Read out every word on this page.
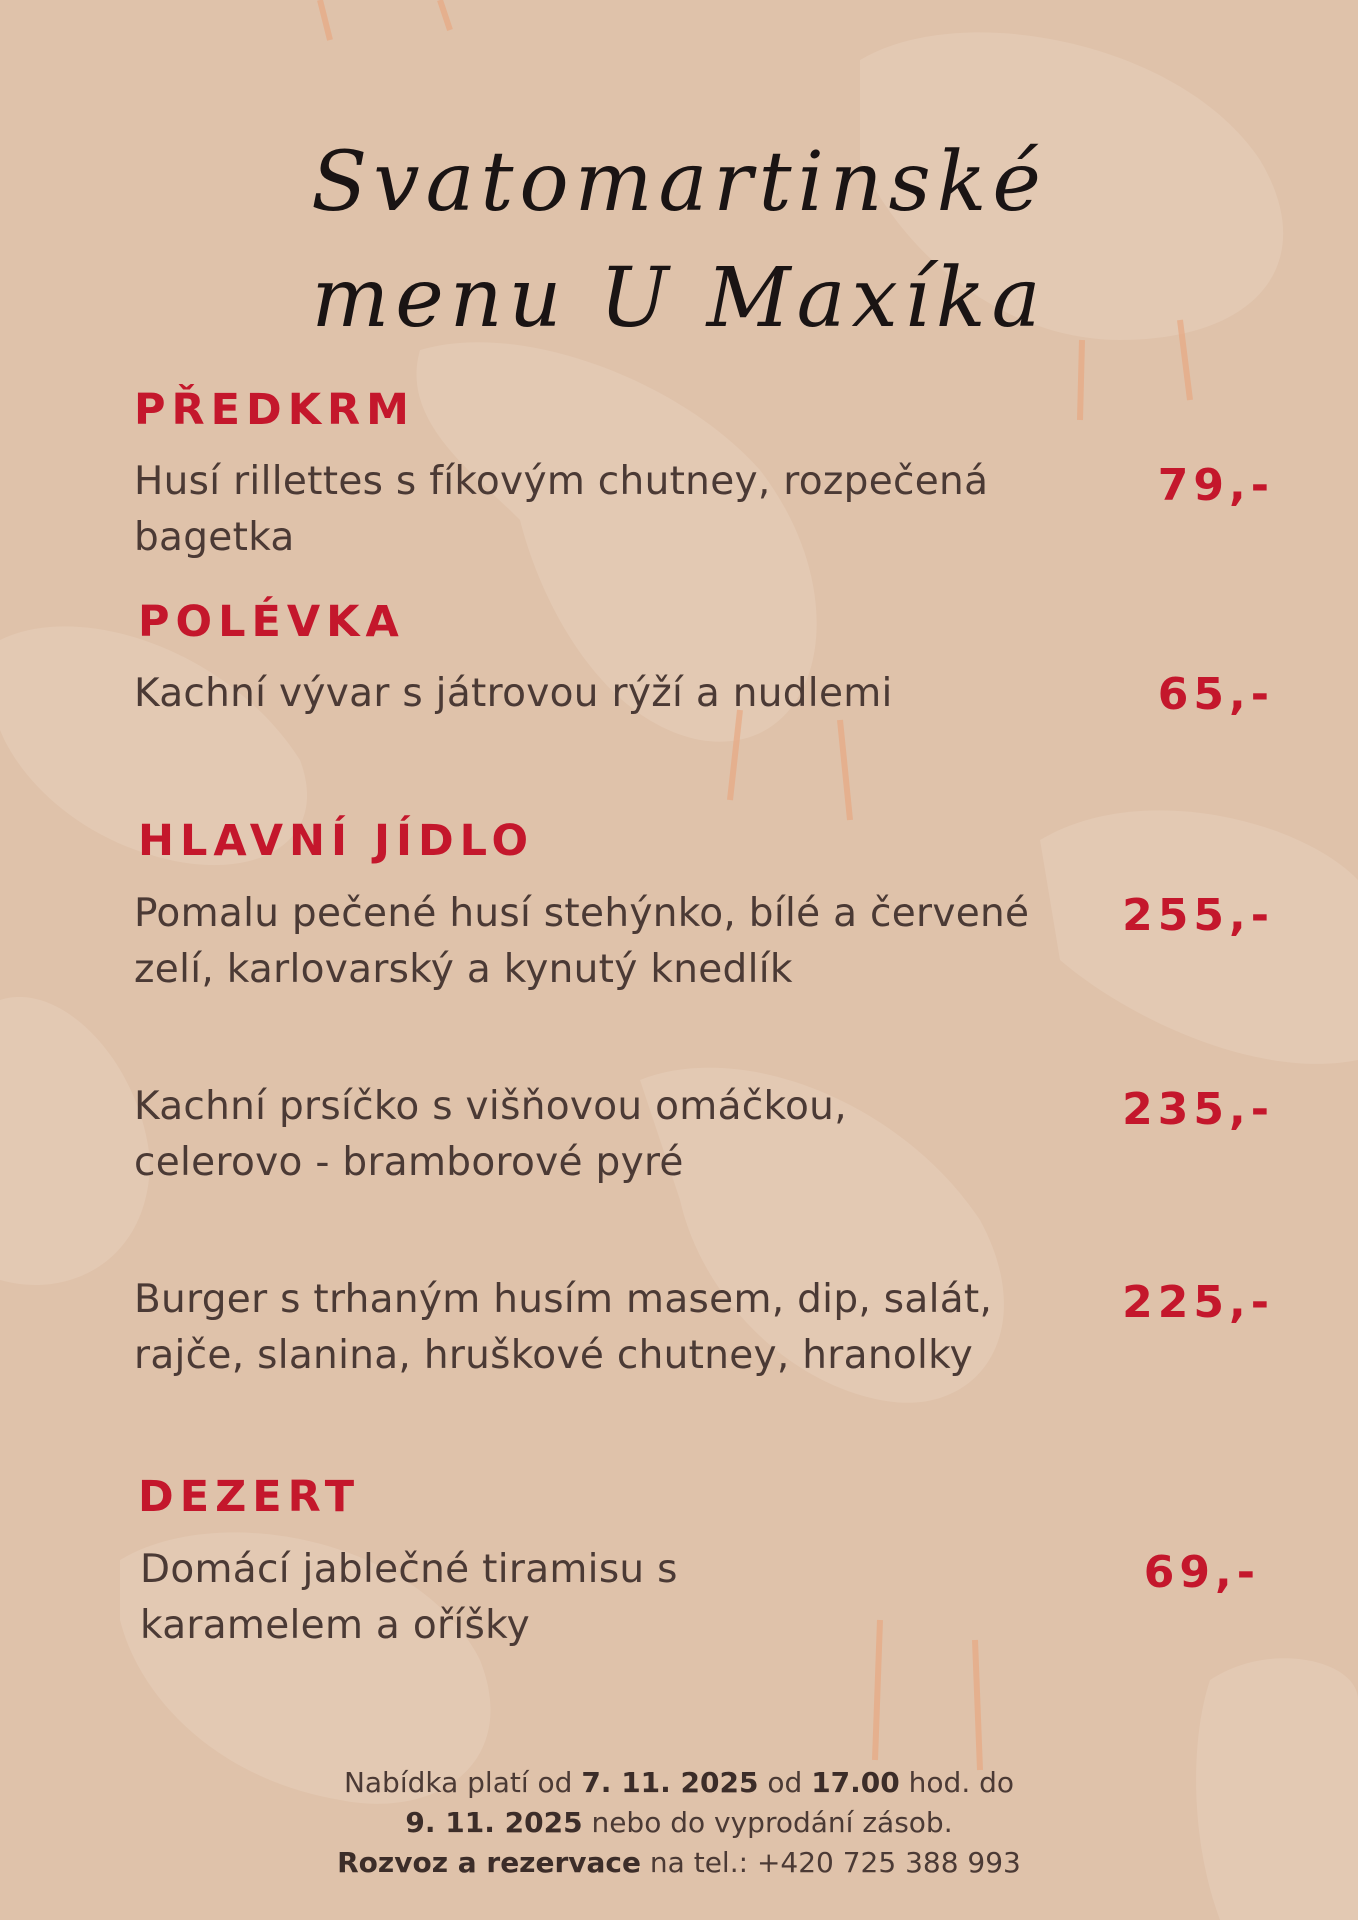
Svatomartinské
menu U Maxíka
PŘEDKRM
Husí rillettes s fíkovým chutney, rozpečená
bagetka
79,-
POLÉVKA
Kachní vývar s játrovou rýží a nudlemi	65,-
HLAVNÍ JÍDLO
Pomalu pečené husí stehýnko, bílé a červené
zelí, karlovarský a kynutý knedlík
255,-
Kachní prsíčko s višňovou omáčkou,
celerovo - bramborové pyré
235,-
Burger s trhaným husím masem, dip, salát,
rajče, slanina, hruškové chutney, hranolky
225,-
DEZERT
Domácí jablečné tiramisu s
karamelem a oříšky
69,-
Nabídka platí od 7. 11. 2025 od 17.00 hod. do
9. 11. 2025 nebo do vyprodání zásob.
Rozvoz a rezervace na tel.: +420 725 388 993
